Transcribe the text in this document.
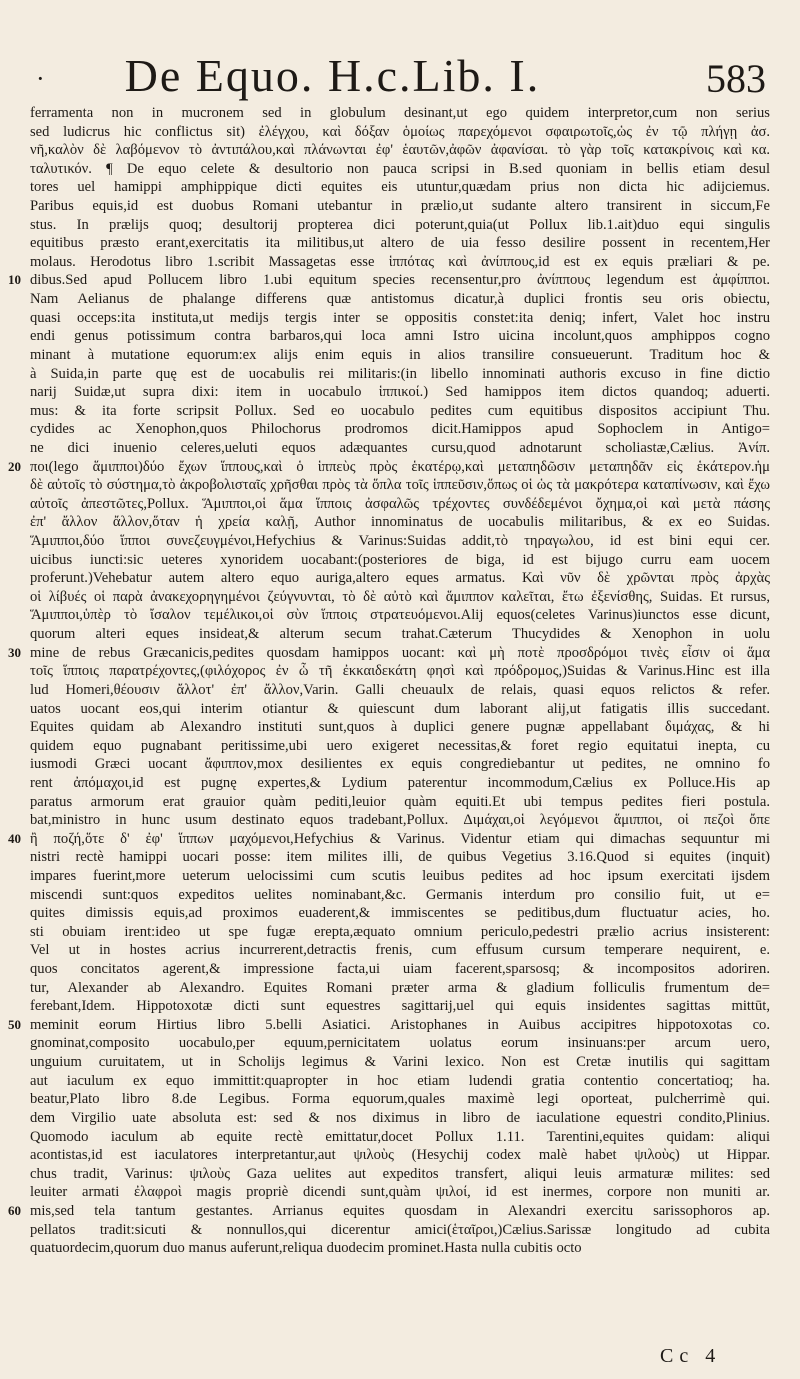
· De Equo. H.c.Lib. I.	583
ferramenta non in mucronem sed in globulum desinant,ut ego quidem interpretor,cum non serius
sed ludicrus hic conflictus sit) ἐλέγχου, καὶ δόξαν ὁμοίως παρεχόμενοι σφαιρωτοῖς,ὡς ἐν τῷ πλήγῃ ἀσ.
νῆ,καλὸν δὲ λαβόμενον τὸ ἀντιπάλου,καὶ πλάνωνται ἐφ' ἑαυτῶν,ἀφῶν ἀφανίσαι. τὸ γὰρ τοῖς κατακρίνοις καὶ κα.
ταλυτικόν. ¶ De equo celete & desultorio non pauca scripsi in B.sed quoniam in bellis etiam desul
tores uel hamippi amphippique dicti equites eis utuntur,quædam prius non dicta hic adijciemus.
Paribus equis,id est duobus Romani utebantur in prælio,ut sudante altero transirent in siccum,Fe
stus. In prælijs quoq; desultorij propterea dici poterunt,quia(ut Pollux lib.1.ait)duo equi singulis
equitibus præsto erant,exercitatis ita militibus,ut altero de uia fesso desilire possent in recentem,Her
molaus. Herodotus libro 1.scribit Massagetas esse ἱππότας καὶ ἀνίππους,id est ex equis præliari & pe.
dibus.Sed apud Pollucem libro 1.ubi equitum species recensentur,pro ἀνίππους legendum est ἀμφίπποι.
10
Nam Aelianus de phalange differens quæ antistomus dicatur,à duplici frontis seu oris obiectu,
quasi occeps:ita instituta,ut medijs tergis inter se oppositis constet:ita deniq; infert, Valet hoc instru
endi genus potissimum contra barbaros,qui loca amni Istro uicina incolunt,quos amphippos cogno
minant à mutatione equorum:ex alijs enim equis in alios transilire consueuerunt. Traditum hoc &
à Suida,in parte quę est de uocabulis rei militaris:(in libello innominati authoris excuso in fine dictio
narij Suidæ,ut supra dixi: item in uocabulo ἱππικοί.) Sed hamippos item dictos quandoq; aduerti.
mus: & ita forte scripsit Pollux. Sed eo uocabulo pedites cum equitibus dispositos accipiunt Thu.
cydides ac Xenophon,quos Philochorus prodromos dicit.Hamippos apud Sophoclem in Antigo=
ne dici inuenio celeres,ueluti equos adæquantes cursu,quod adnotarunt scholiastæ,Cælius. Ἀνίπ.
ποι(lego ἅμιπποι)δύο ἔχων ἵππους,καὶ ὁ ἱππεὺς πρὸς ἑκατέρῳ,καὶ μεταπηδῶσιν μεταπηδᾶν εἰς ἑκάτερον.ἡμ
20
δὲ αὐτοῖς τὸ σύστημα,τὸ ἀκροβολισταῖς χρῆσθαι πρὸς τὰ ὅπλα τοῖς ἱππεῦσιν,ὅπως οἱ ὡς τὰ μακρότερα καταπίνωσιν, καὶ ἔχω
αὐτοῖς ἀπεστῶτες,Pollux. Ἅμιπποι,οἱ ἅμα ἵπποις ἀσφαλῶς τρέχοντες συνδέδεμένοι ὄχημα,οἱ καὶ μετὰ πάσης
ἐπ' ἄλλον ἄλλον,ὅταν ἡ χρεία καλῇ, Author innominatus de uocabulis militaribus, & ex eo Suidas.
Ἅμιπποι,δύο ἵπποι συνεζευγμένοι,Hefychius & Varinus:Suidas addit,τὸ τηραγωλου, id est bini equi cer.
uicibus iuncti:sic ueteres xynoridem uocabant:(posteriores de biga, id est bijugo curru eam uocem
proferunt.)Vehebatur autem altero equo auriga,altero eques armatus. Καὶ νῦν δὲ χρῶνται πρὸς ἀρχὰς
οἱ λίβυές οἱ παρὰ ἀνακεχορηγημένοι ζεύγνυνται, τὸ δὲ αὐτὸ καὶ ἅμιππον καλεῖται, ἔτω ἐξενίσθης, Suidas. Et rursus,
Ἅμιπποι,ὑπὲρ τὸ ἴσαλον τεμέλικοι,οἱ σὺν ἵπποις στρατευόμενοι.Alij equos(celetes Varinus)iunctos esse dicunt,
quorum alteri eques insideat,& alterum secum trahat.Cæterum Thucydides & Xenophon in uolu
mine de rebus Græcanicis,pedites quosdam hamippos uocant: καὶ μὴ ποτὲ προσδρόμοι τινὲς εἶσιν οἱ ἅμα
30
τοῖς ἵπποις παρατρέχοντες,(φιλόχορος ἐν ὧ τῆ ἐκκαιδεκάτη φησὶ καὶ πρόδρομος,)Suidas & Varinus.Hinc est illa
lud Homeri,θέουσιν ἄλλοτ' ἐπ' ἄλλον,Varin. Galli cheuaulx de relais, quasi equos relictos & refer.
uatos uocant eos,qui interim otiantur & quiescunt dum laborant alij,ut fatigatis illis succedant.
Equites quidam ab Alexandro instituti sunt,quos à duplici genere pugnæ appellabant διμάχας, & hi
quidem equo pugnabant peritissime,ubi uero exigeret necessitas,& foret regio equitatui inepta, cu
iusmodi Græci uocant ἄφιππον,mox desilientes ex equis congrediebantur ut pedites, ne omnino fo
rent ἀπόμαχοι,id est pugnę expertes,& Lydium paterentur incommodum,Cælius ex Polluce.His ap
paratus armorum erat grauior quàm pediti,leuior quàm equiti.Et ubi tempus pedites fieri postula.
bat,ministro in hunc usum destinato equos tradebant,Pollux. Διμάχαι,οἱ λεγόμενοι ἅμιπποι, οἱ πεζοὶ ὄπε
ἢ ποζή,ὅτε δ' ἐφ' ἵππων μαχόμενοι,Hefychius & Varinus. Videntur etiam qui dimachas sequuntur mi
40
nistri rectè hamippi uocari posse: item milites illi, de quibus Vegetius 3.16.Quod si equites (inquit)
impares fuerint,more ueterum uelocissimi cum scutis leuibus pedites ad hoc ipsum exercitati ijsdem
miscendi sunt:quos expeditos uelites nominabant,&c. Germanis interdum pro consilio fuit, ut e=
quites dimissis equis,ad proximos euaderent,& immiscentes se peditibus,dum fluctuatur acies, ho.
sti obuiam irent:ideo ut spe fugæ erepta,æquato omnium periculo,pedestri prælio acrius insisterent:
Vel ut in hostes acrius incurrerent,detractis frenis, cum effusum cursum temperare nequirent, e.
quos concitatos agerent,& impressione facta,ui uiam facerent,sparsosq; & incompositos adoriren.
tur, Alexander ab Alexandro. Equites Romani præter arma & gladium folliculis frumentum de=
ferebant,Idem. Hippotoxotæ dicti sunt equestres sagittarij,uel qui equis insidentes sagittas mittūt,
meminit eorum Hirtius libro 5.belli Asiatici. Aristophanes in Auibus accipitres hippotoxotas co.
50
gnominat,composito uocabulo,per equum,pernicitatem uolatus eorum insinuans:per arcum uero,
unguium curuitatem, ut in Scholijs legimus & Varini lexico. Non est Cretæ inutilis qui sagittam
aut iaculum ex equo immittit:quapropter in hoc etiam ludendi gratia contentio concertatioq; ha.
beatur,Plato libro 8.de Legibus. Forma equorum,quales maximè legi oporteat, pulcherrimè qui.
dem Virgilio uate absoluta est: sed & nos diximus in libro de iaculatione equestri condito,Plinius.
Quomodo iaculum ab equite rectè emittatur,docet Pollux 1.11. Tarentini,equites quidam: aliqui
acontistas,id est iaculatores interpretantur,aut ψιλοὺς (Hesychij codex malè habet ψιλοὺς) ut Hippar.
chus tradit, Varinus: ψιλοὺς Gaza uelites aut expeditos transfert, aliqui leuis armaturæ milites: sed
leuiter armati ἐλαφροὶ magis propriè dicendi sunt,quàm ψιλοί, id est inermes, corpore non muniti ar.
mis,sed tela tantum gestantes. Arrianus equites quosdam in Alexandri exercitu sarissophoros ap.
60
pellatos tradit:sicuti & nonnullos,qui dicerentur amici(ἑταῖροι,)Cælius.Sarissæ longitudo ad cubita
quatuordecim,quorum duo manus auferunt,reliqua duodecim prominet.Hasta nulla cubitis octo
Cc 4
